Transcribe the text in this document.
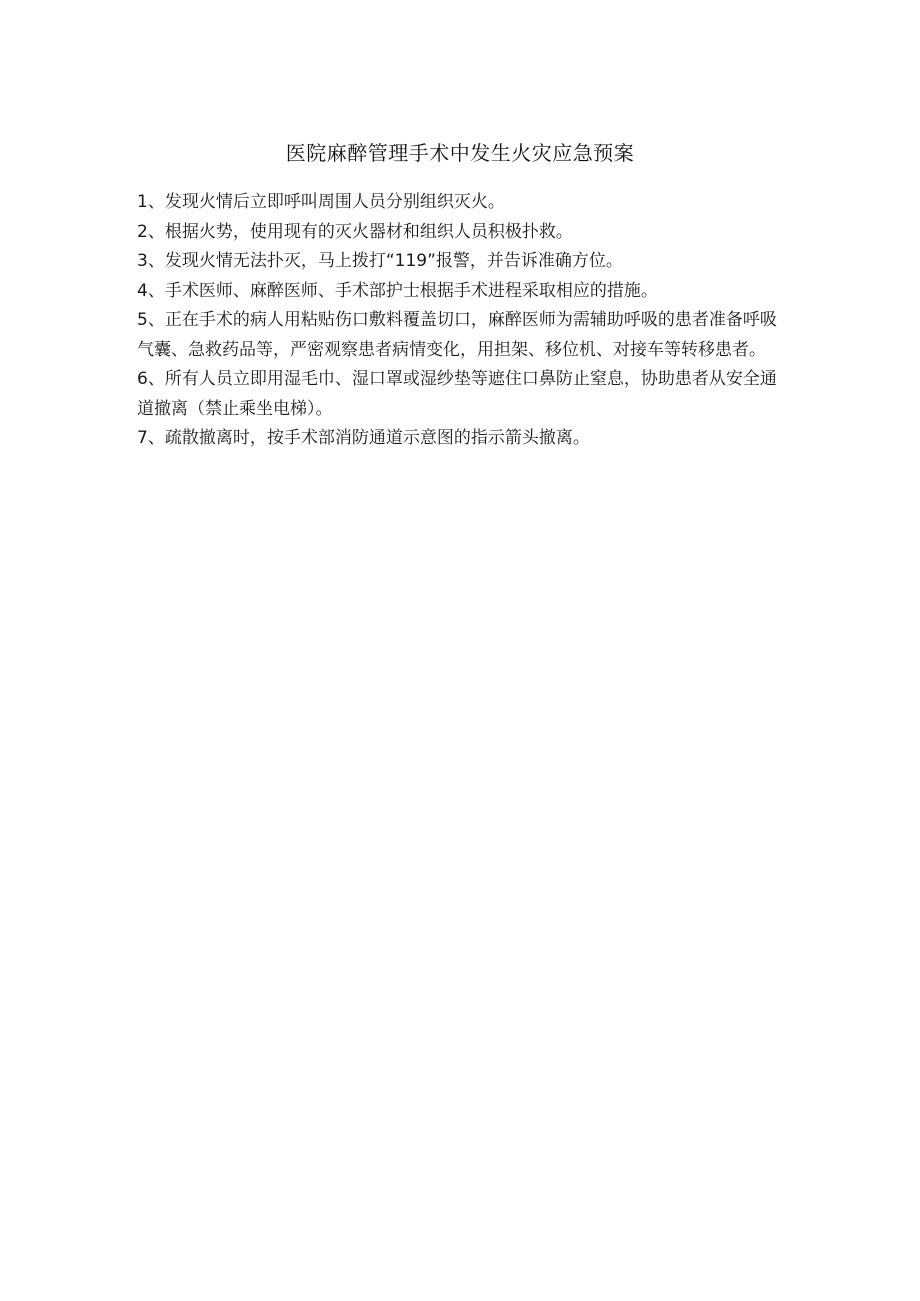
医院麻醉管理手术中发生火灾应急预案

1、发现火情后立即呼叫周围人员分别组织灭火。

2、根据火势，使用现有的灭火器材和组织人员积极扑救。

3、发现火情无法扑灭，马上拨打“119”报警，并告诉准确方位。

4、手术医师、麻醉医师、手术部护士根据手术进程采取相应的措施。

5、正在手术的病人用粘贴伤口敷料覆盖切口，麻醉医师为需辅助呼吸的患者准备呼吸气囊、急救药品等，严密观察患者病情变化，用担架、移位机、对接车等转移患者。

6、所有人员立即用湿毛巾、湿口罩或湿纱垫等遮住口鼻防止窒息，协助患者从安全通道撤离（禁止乘坐电梯）。

7、疏散撤离时，按手术部消防通道示意图的指示箭头撤离。
